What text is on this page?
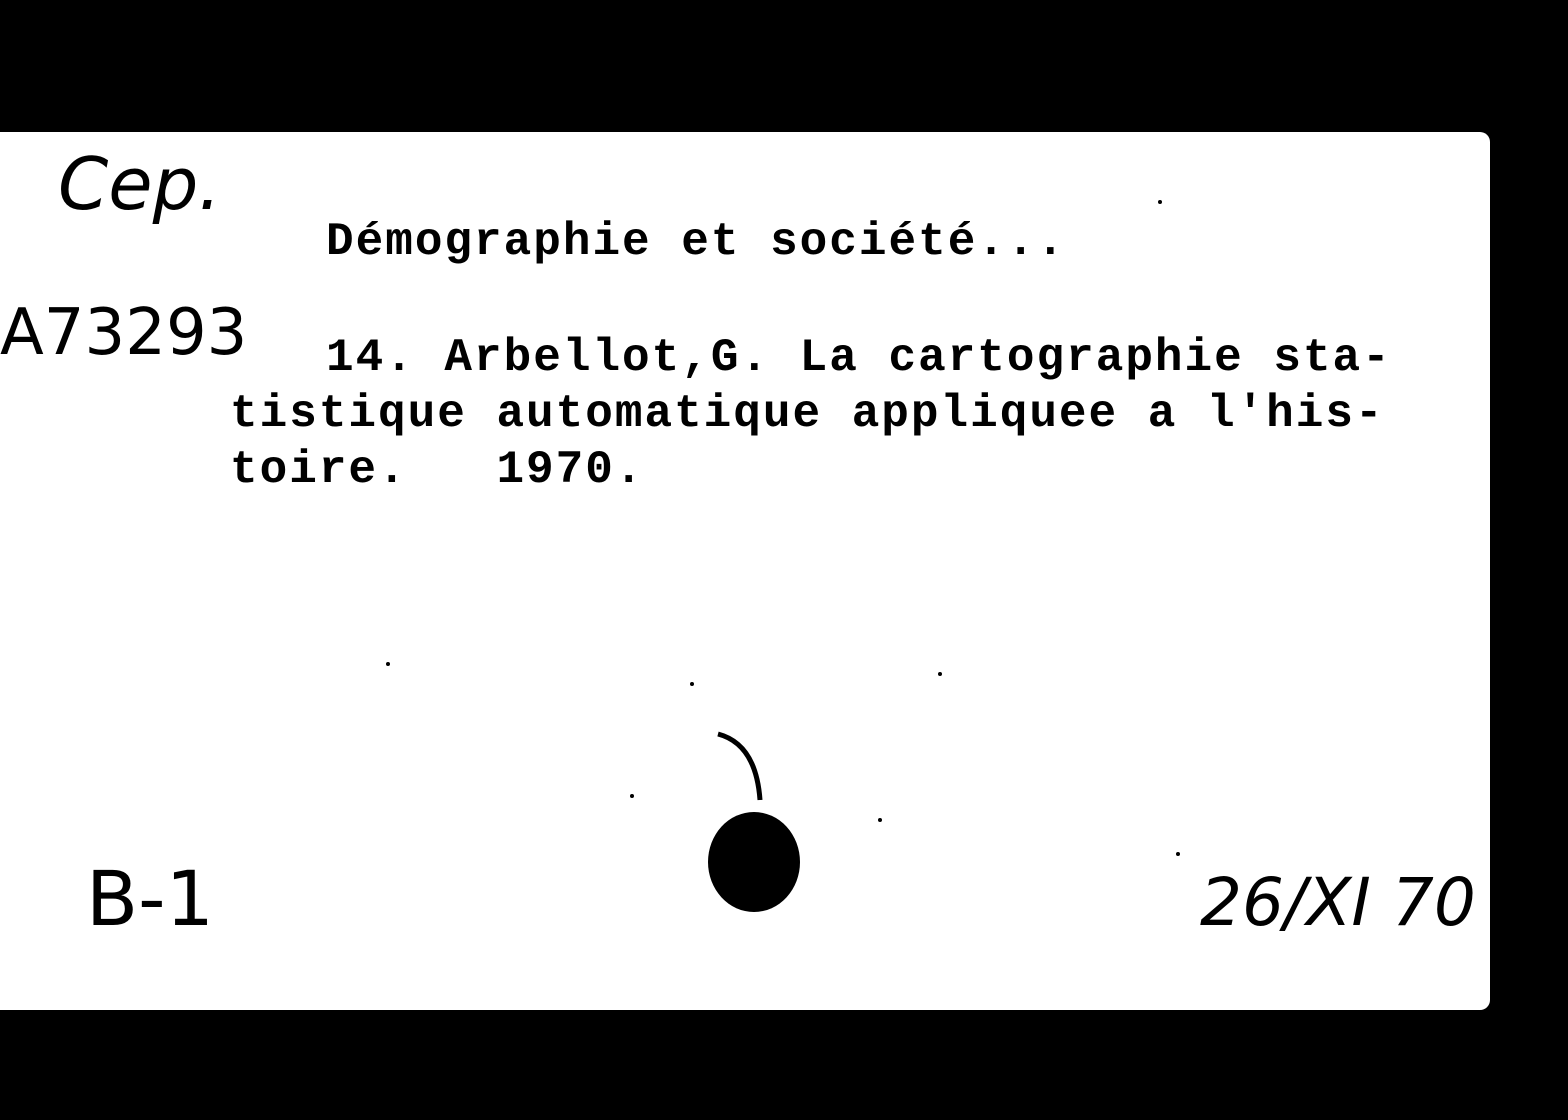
Cep.
Démographie et société...
A73293 14. Arbellot,G. La cartographie sta-
tistique automatique appliquee a l'his-
toire.   1970.
B-1	26/XI 70
